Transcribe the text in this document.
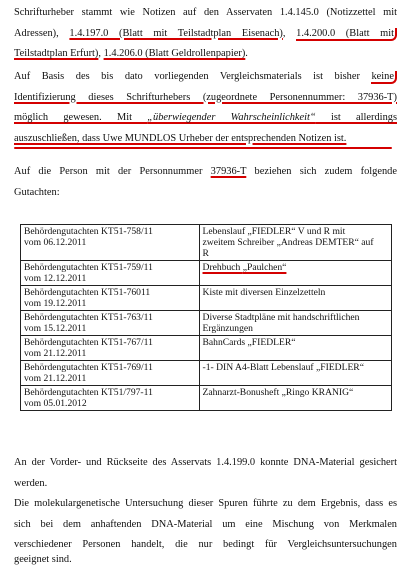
Schrifturheber stammt wie Notizen auf den Asservaten 1.4.145.0 (Notizzettel mit
Adressen), 1.4.197.0 (Blatt mit Teilstadtplan Eisenach), 1.4.200.0 (Blatt mit
Teilstadtplan Erfurt), 1.4.206.0 (Blatt Geldrollenpapier).
Auf Basis des bis dato vorliegenden Vergleichsmaterials ist bisher keine
Identifizierung dieses Schrifturhebers (zugeordnete Personennummer: 37936-T)
möglich gewesen. Mit „überwiegender Wahrscheinlichkeit“ ist allerdings
auszuschließen, dass Uwe MUNDLOS Urheber der entsprechenden Notizen ist.
Auf die Person mit der Personnummer 37936-T beziehen sich zudem folgende
Gutachten:
Behördengutachten KT51-758/11
vom 06.12.2011	Lebenslauf „FIEDLER“ V und R mit
zweitem Schreiber „Andreas DEMTER“ auf
R

Behördengutachten KT51-759/11
vom 12.12.2011	Drehbuch „Paulchen“

Behördengutachten KT51-76011
vom 19.12.2011	Kiste mit diversen Einzelzetteln

Behördengutachten KT51-763/11
vom 15.12.2011	Diverse Stadtpläne mit handschriftlichen
Ergänzungen

Behördengutachten KT51-767/11
vom 21.12.2011	BahnCards „FIEDLER“

Behördengutachten KT51-769/11
vom 21.12.2011	-1- DIN A4-Blatt Lebenslauf „FIEDLER“

Behördengutachten KT51/797-11
vom 05.01.2012	Zahnarzt-Bonusheft „Ringo KRANIG“
An der Vorder- und Rückseite des Asservats 1.4.199.0 konnte DNA-Material gesichert
werden.
Die molekulargenetische Untersuchung dieser Spuren führte zu dem Ergebnis, dass es
sich bei dem anhaftenden DNA-Material um eine Mischung von Merkmalen
verschiedener Personen handelt, die nur bedingt für Vergleichsuntersuchungen
geeignet sind.
